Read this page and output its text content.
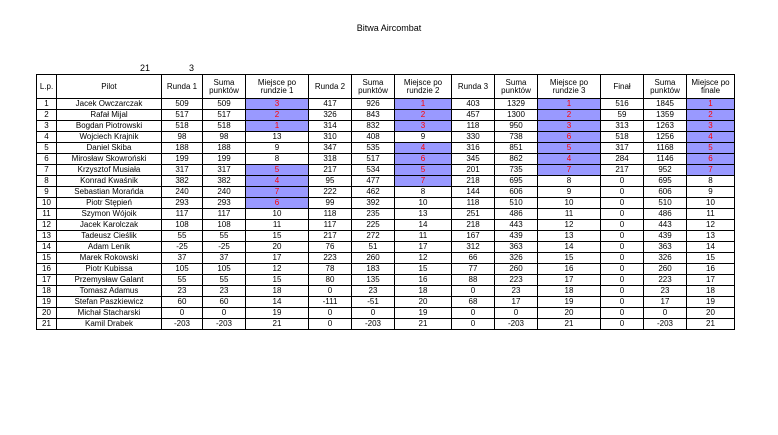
Bitwa Aircombat
21	3
L.p.	Pilot	Runda 1	Suma punktów	Miejsce po rundzie 1	Runda 2	Suma punktów	Miejsce po rundzie 2	Runda 3	Suma punktów	Miejsce po rundzie 3	Finał	Suma punktów	Miejsce po finale
1	Jacek Owczarczak	509	509	3	417	926	1	403	1329	1	516	1845	1
2	Rafał Mijal	517	517	2	326	843	2	457	1300	2	59	1359	2
3	Bogdan Piotrowski	518	518	1	314	832	3	118	950	3	313	1263	3
4	Wojciech Krajnik	98	98	13	310	408	9	330	738	6	518	1256	4
5	Daniel Skiba	188	188	9	347	535	4	316	851	5	317	1168	5
6	Mirosław Skowroński	199	199	8	318	517	6	345	862	4	284	1146	6
7	Krzysztof Musiała	317	317	5	217	534	5	201	735	7	217	952	7
8	Konrad Kwaśnik	382	382	4	95	477	7	218	695	8	0	695	8
9	Sebastian Morańda	240	240	7	222	462	8	144	606	9	0	606	9
10	Piotr Stępień	293	293	6	99	392	10	118	510	10	0	510	10
11	Szymon Wójoik	117	117	10	118	235	13	251	486	11	0	486	11
12	Jacek Karolczak	108	108	11	117	225	14	218	443	12	0	443	12
13	Tadeusz Cieślik	55	55	15	217	272	11	167	439	13	0	439	13
14	Adam Lenik	-25	-25	20	76	51	17	312	363	14	0	363	14
15	Marek Rokowski	37	37	17	223	260	12	66	326	15	0	326	15
16	Piotr Kubissa	105	105	12	78	183	15	77	260	16	0	260	16
17	Przemysław Galant	55	55	15	80	135	16	88	223	17	0	223	17
18	Tomasz Adamus	23	23	18	0	23	18	0	23	18	0	23	18
19	Stefan Paszkiewicz	60	60	14	-111	-51	20	68	17	19	0	17	19
20	Michał Stacharski	0	0	19	0	0	19	0	0	20	0	0	20
21	Kamil Drabek	-203	-203	21	0	-203	21	0	-203	21	0	-203	21
